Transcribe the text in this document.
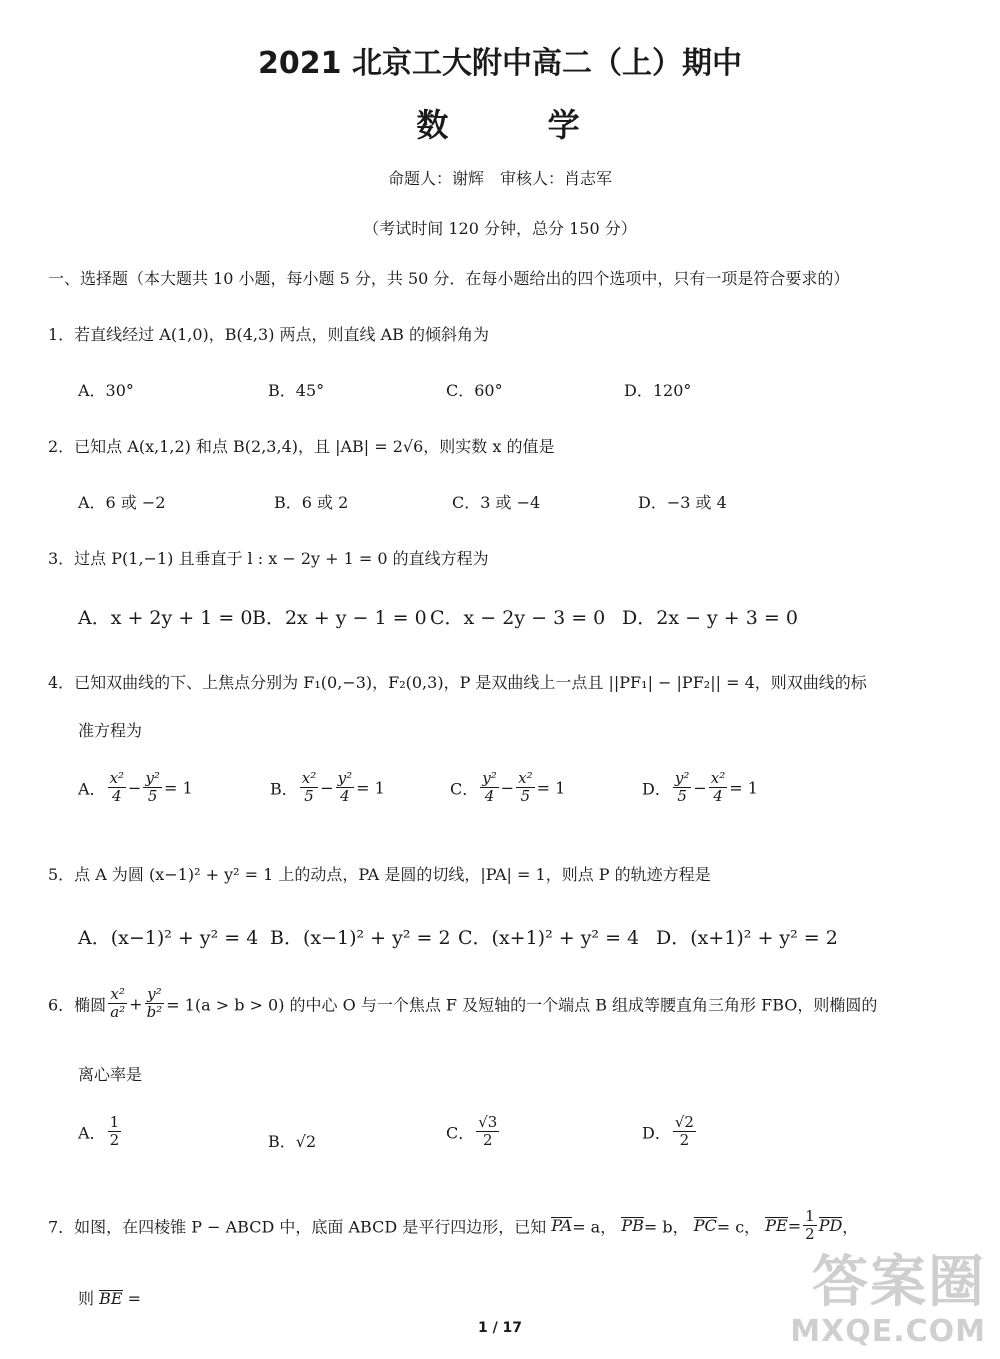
2021 北京工大附中高二（上）期中
数 学
命题人：谢辉　审核人：肖志军
（考试时间 120 分钟，总分 150 分）
一、选择题（本大题共 10 小题，每小题 5 分，共 50 分．在每小题给出的四个选项中，只有一项是符合要求的）
1．若直线经过 A(1,0)，B(4,3) 两点，则直线 AB 的倾斜角为
A．30°	B．45°	C．60°	D．120°
2．已知点 A(x,1,2) 和点 B(2,3,4)，且 |AB| = 2√6，则实数 x 的值是
A．6 或 −2	B．6 或 2	C．3 或 −4	D．−3 或 4
3．过点 P(1,−1) 且垂直于 l : x − 2y + 1 = 0 的直线方程为
A．x + 2y + 1 = 0 B．2x + y − 1 = 0 C．x − 2y − 3 = 0 D．2x − y + 3 = 0
4．已知双曲线的下、上焦点分别为 F₁(0,−3)，F₂(0,3)，P 是双曲线上一点且 ||PF₁| − |PF₂|| = 4，则双曲线的标
准方程为
A． $\frac{\text{x²}}{4} - \frac{\text{y²}}{5} = 1$	B． $\frac{\text{x²}}{5} - \frac{\text{y²}}{4} = 1$	C． $\frac{\text{y²}}{4} - \frac{\text{x²}}{5} = 1$	D． $\frac{\text{y²}}{5} - \frac{\text{x²}}{4} = 1$
5．点 A 为圆 (x−1)² + y² = 1 上的动点，PA 是圆的切线，|PA| = 1，则点 P 的轨迹方程是
A．(x−1)² + y² = 4 B．(x−1)² + y² = 2 C．(x+1)² + y² = 4 D．(x+1)² + y² = 2
6．椭圆 $\frac{\text{x²}}{\text{a²}} + \frac{\text{y²}}{\text{b²}} = 1(a > b > 0)$ 的中心 O 与一个焦点 F 及短轴的一个端点 B 组成等腰直角三角形 FBO，则椭圆的
离心率是
A． $\frac{1}{2}$	B．√2	C． $\frac{√3}{2}$	D． $\frac{√2}{2}$
7．如图，在四棱锥 P − ABCD 中，底面 ABCD 是平行四边形，已知 PA= a， PB= b， PC= c， $PE= \frac{1}{2}$ PD，
则 BE =
1 / 17
答案圈
MXQE.COM
